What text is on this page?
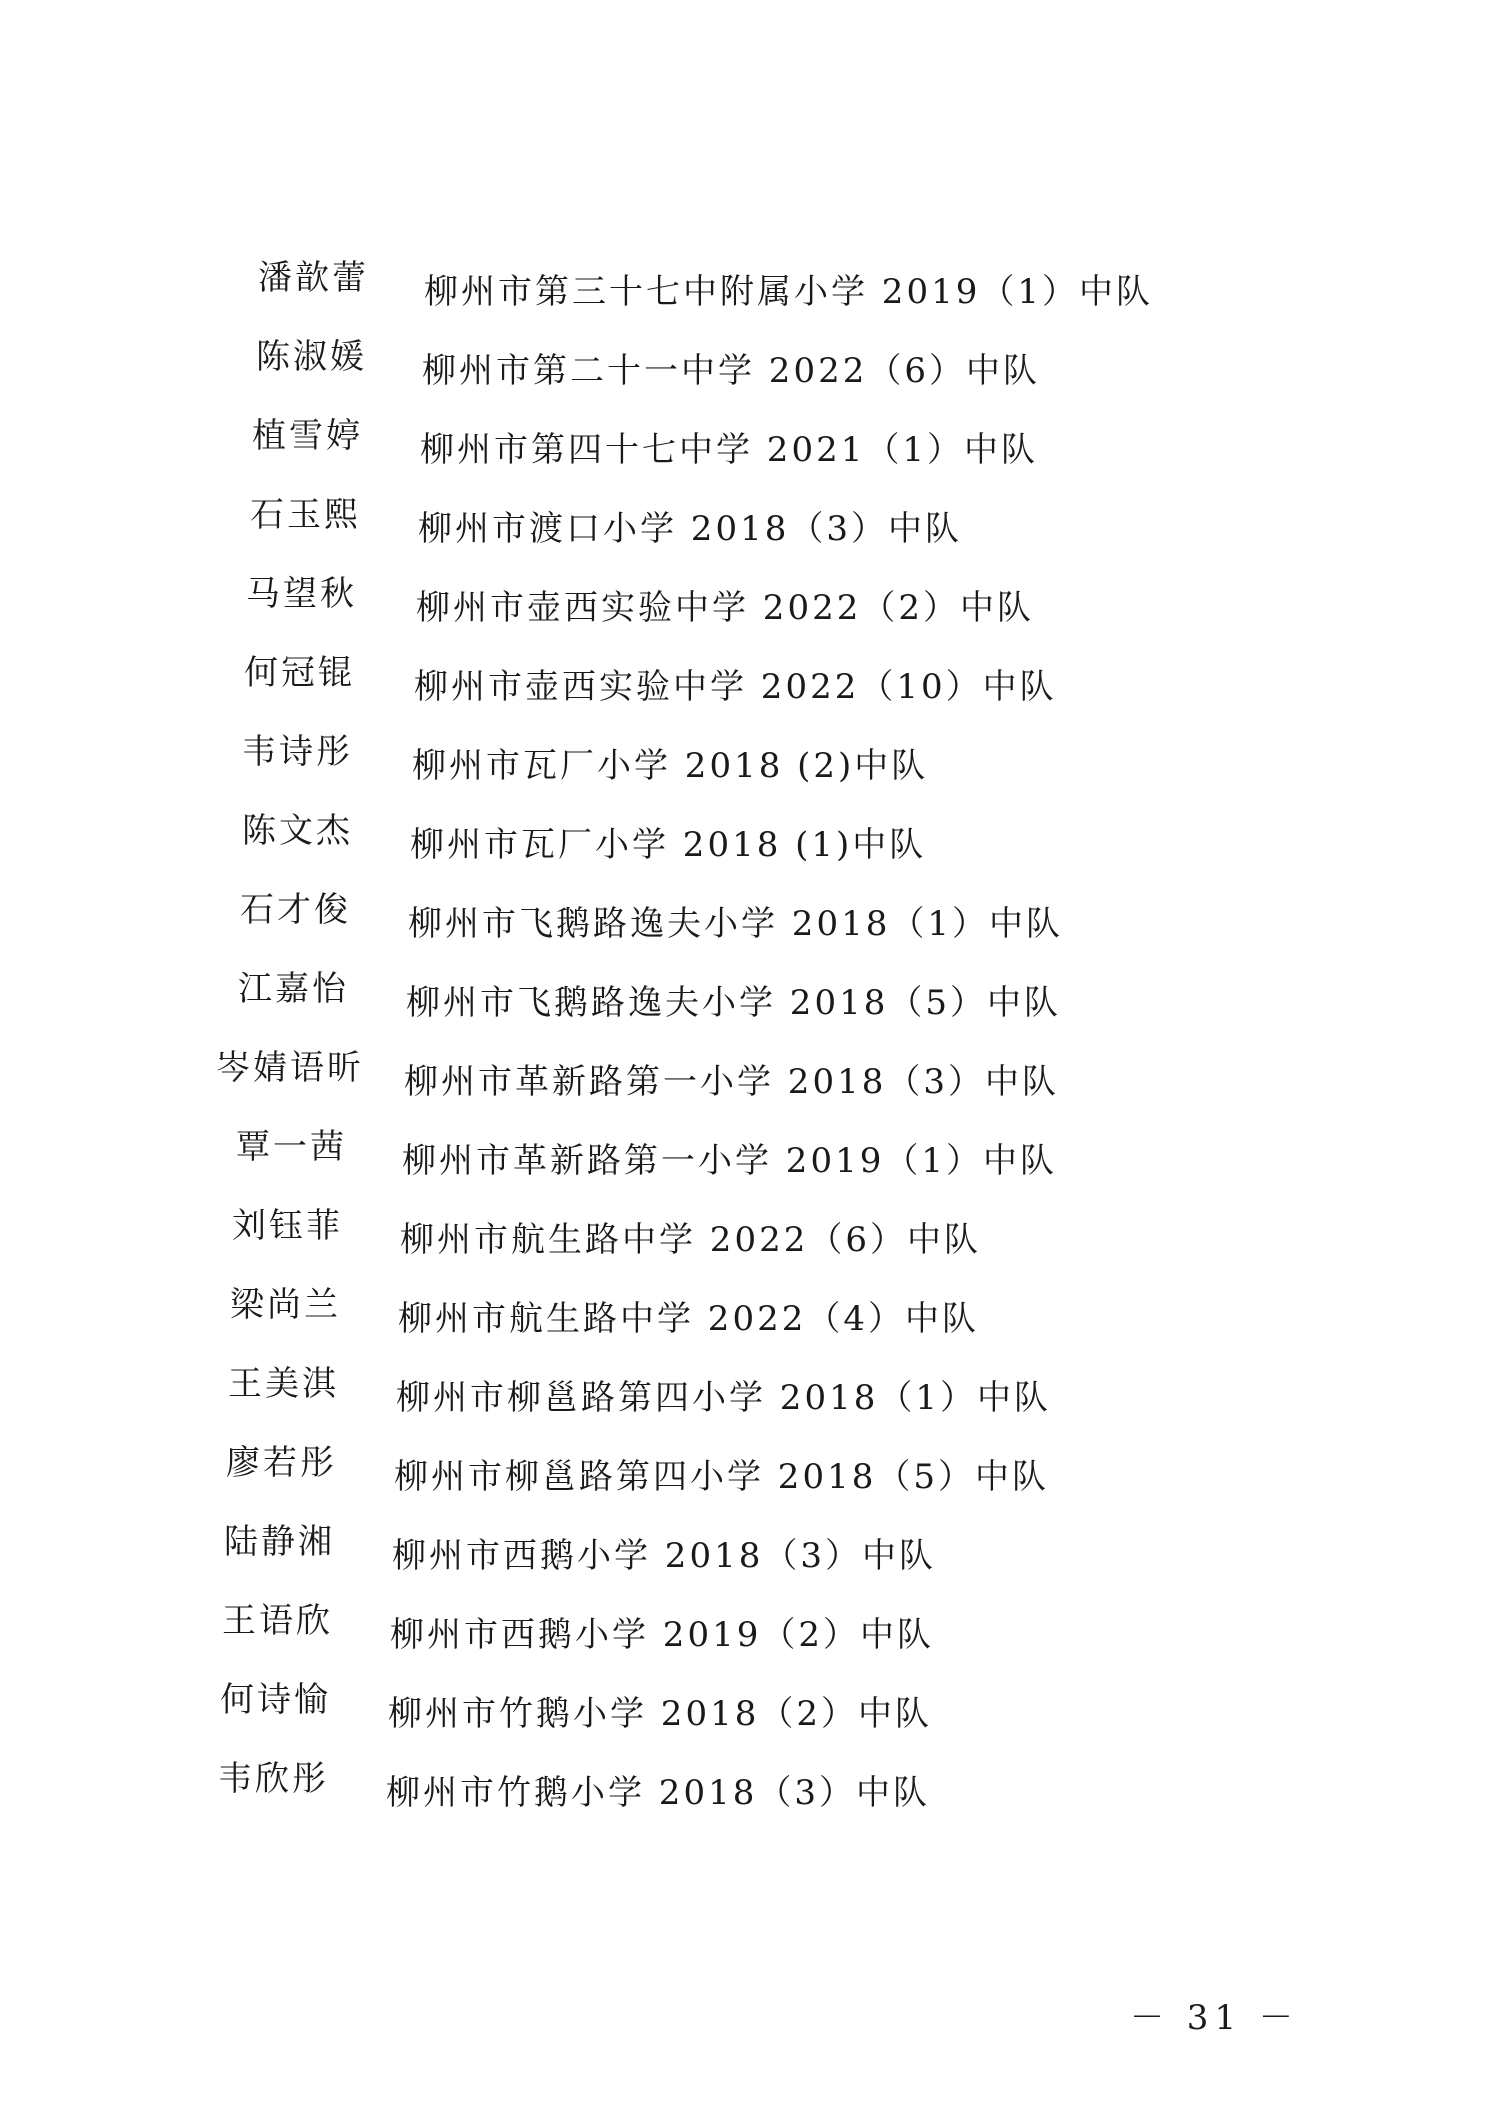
潘歆蕾 柳州市第三十七中附属小学 2019（1）中队
陈淑媛 柳州市第二十一中学 2022（6）中队
植雪婷 柳州市第四十七中学 2021（1）中队
石玉熙 柳州市渡口小学 2018（3）中队
马望秋 柳州市壶西实验中学 2022（2）中队
何冠锟 柳州市壶西实验中学 2022（10）中队
韦诗彤 柳州市瓦厂小学 2018 (2)中队
陈文杰 柳州市瓦厂小学 2018 (1)中队
石才俊 柳州市飞鹅路逸夫小学 2018（1）中队
江嘉怡 柳州市飞鹅路逸夫小学 2018（5）中队
岑婧语昕 柳州市革新路第一小学 2018（3）中队
覃一茜 柳州市革新路第一小学 2019（1）中队
刘钰菲 柳州市航生路中学 2022（6）中队
梁尚兰 柳州市航生路中学 2022（4）中队
王美淇 柳州市柳邕路第四小学 2018（1）中队
廖若彤 柳州市柳邕路第四小学 2018（5）中队
陆静湘 柳州市西鹅小学 2018（3）中队
王语欣 柳州市西鹅小学 2019（2）中队
何诗愉 柳州市竹鹅小学 2018（2）中队
韦欣彤 柳州市竹鹅小学 2018（3）中队
－ 31 －
